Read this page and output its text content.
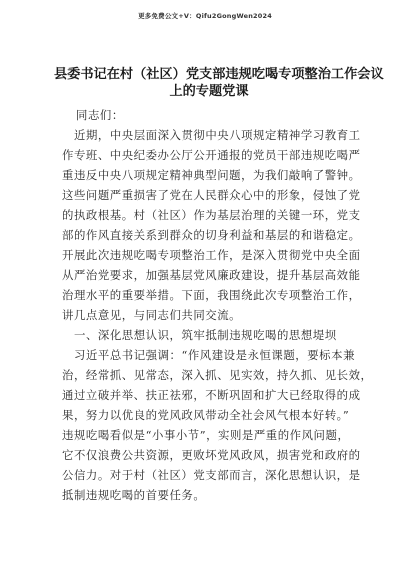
更多免费公文+V：Qifu2GongWen2024
县委书记在村（社区）党支部违规吃喝专项整治工作会议
上的专题党课
同志们：
近期，中央层面深入贯彻中央八项规定精神学习教育工
作专班、中央纪委办公厅公开通报的党员干部违规吃喝严
重违反中央八项规定精神典型问题，为我们敲响了警钟。
这些问题严重损害了党在人民群众心中的形象，侵蚀了党
的执政根基。村（社区）作为基层治理的关键一环，党支
部的作风直接关系到群众的切身利益和基层的和谐稳定。
开展此次违规吃喝专项整治工作，是深入贯彻党中央全面
从严治党要求，加强基层党风廉政建设，提升基层高效能
治理水平的重要举措。下面，我围绕此次专项整治工作，
讲几点意见，与同志们共同交流。
一、深化思想认识，筑牢抵制违规吃喝的思想堤坝
习近平总书记强调：“作风建设是永恒课题，要标本兼
治，经常抓、见常态，深入抓、见实效，持久抓、见长效，
通过立破并举、扶正祛邪，不断巩固和扩大已经取得的成
果，努力以优良的党风政风带动全社会风气根本好转。”
违规吃喝看似是“小事小节”，实则是严重的作风问题，
它不仅浪费公共资源，更败坏党风政风，损害党和政府的
公信力。对于村（社区）党支部而言，深化思想认识，是
抵制违规吃喝的首要任务。
